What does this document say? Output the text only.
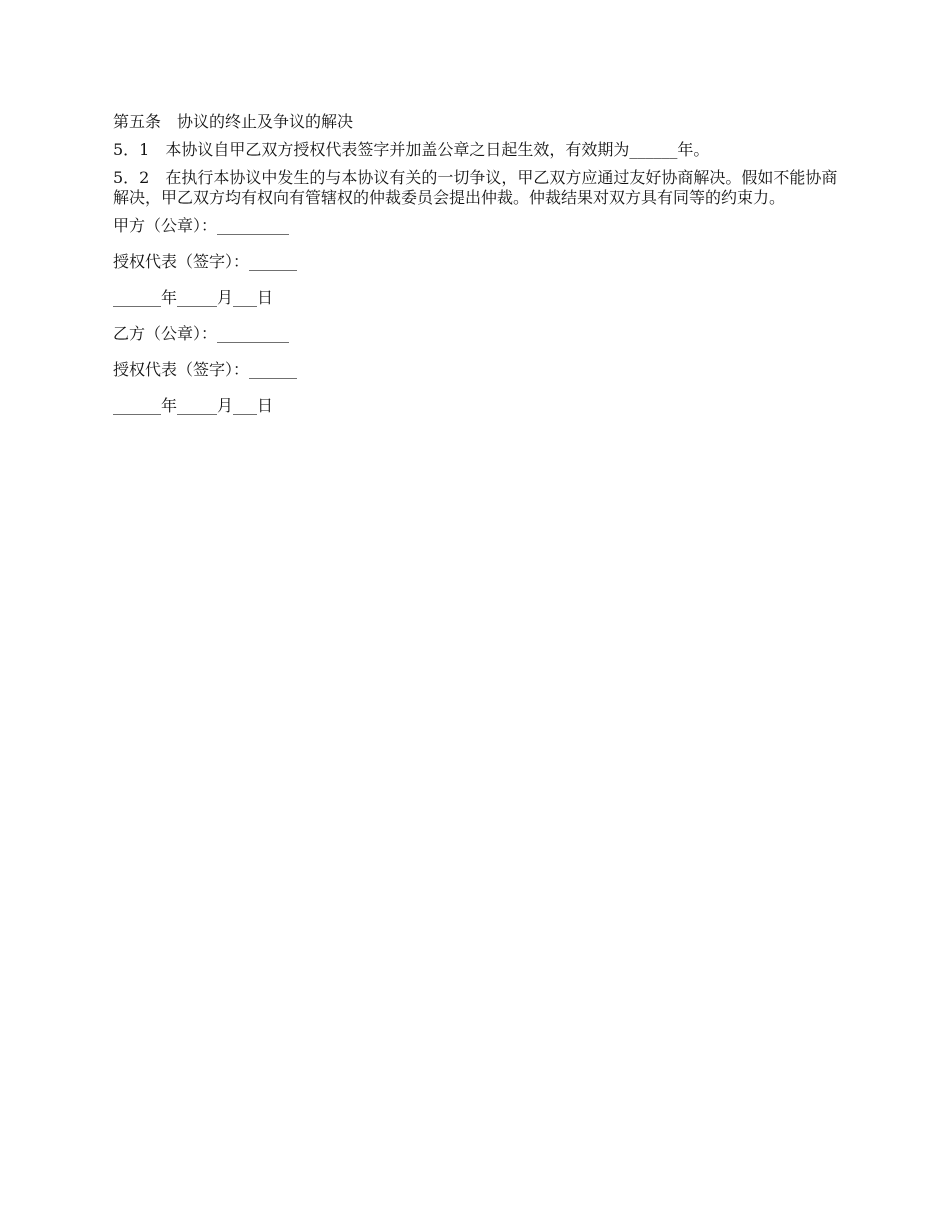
第五条　协议的终止及争议的解决

5．1　本协议自甲乙双方授权代表签字并加盖公章之日起生效，有效期为______年。

5．2　在执行本协议中发生的与本协议有关的一切争议，甲乙双方应通过友好协商解决。假如不能协商解决，甲乙双方均有权向有管辖权的仲裁委员会提出仲裁。仲裁结果对双方具有同等的约束力。

甲方（公章）：_________

授权代表（签字）：______

______年_____月___日

乙方（公章）：_________

授权代表（签字）：______

______年_____月___日
